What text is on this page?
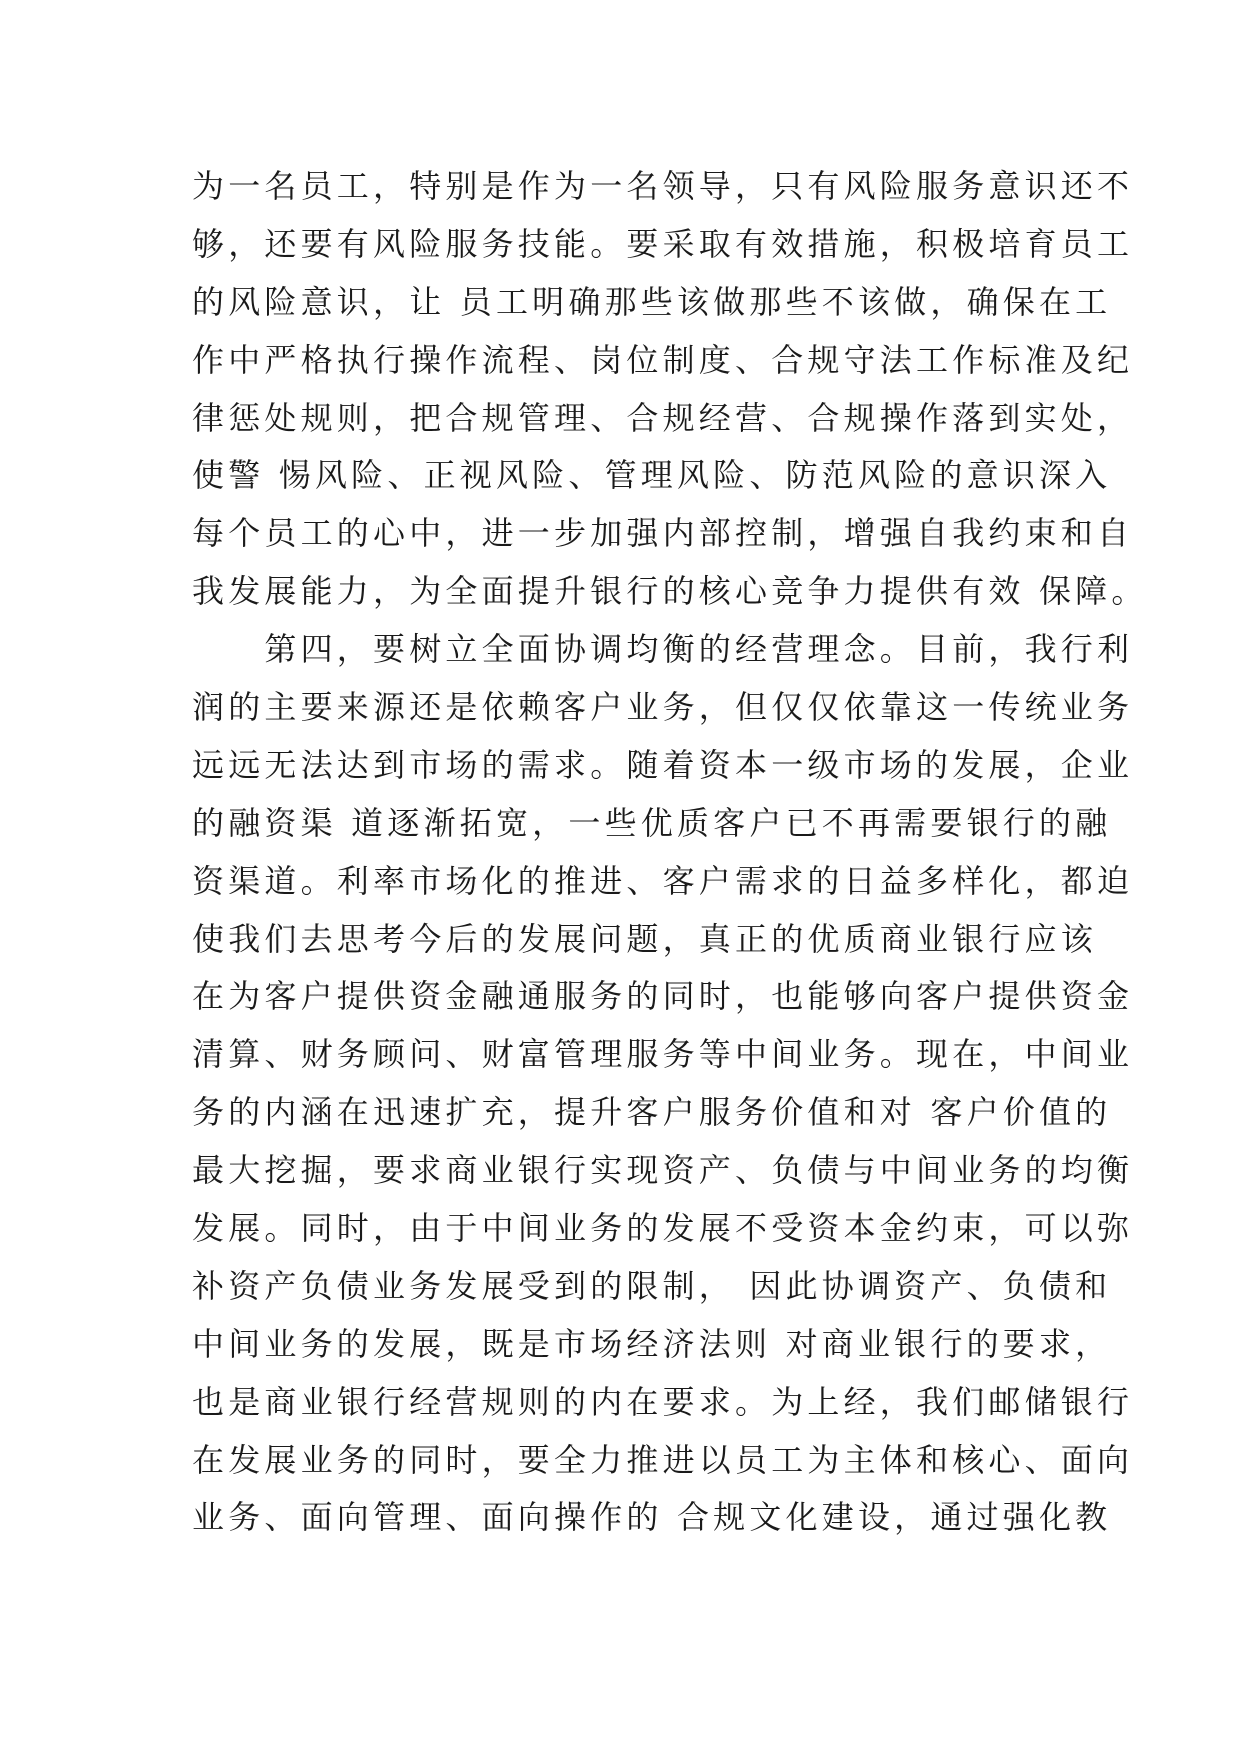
为一名员工，特别是作为一名领导，只有风险服务意识还不
够，还要有风险服务技能。要采取有效措施，积极培育员工
的风险意识，让 员工明确那些该做那些不该做，确保在工
作中严格执行操作流程、岗位制度、合规守法工作标准及纪
律惩处规则，把合规管理、合规经营、合规操作落到实处，
使警 惕风险、正视风险、管理风险、防范风险的意识深入
每个员工的心中，进一步加强内部控制，增强自我约束和自
我发展能力，为全面提升银行的核心竞争力提供有效 保障。
　　第四，要树立全面协调均衡的经营理念。目前，我行利
润的主要来源还是依赖客户业务，但仅仅依靠这一传统业务
远远无法达到市场的需求。随着资本一级市场的发展，企业
的融资渠 道逐渐拓宽，一些优质客户已不再需要银行的融
资渠道。利率市场化的推进、客户需求的日益多样化，都迫
使我们去思考今后的发展问题，真正的优质商业银行应该
在为客户提供资金融通服务的同时，也能够向客户提供资金
清算、财务顾问、财富管理服务等中间业务。现在，中间业
务的内涵在迅速扩充，提升客户服务价值和对 客户价值的
最大挖掘，要求商业银行实现资产、负债与中间业务的均衡
发展。同时，由于中间业务的发展不受资本金约束，可以弥
补资产负债业务发展受到的限制， 因此协调资产、负债和
中间业务的发展，既是市场经济法则 对商业银行的要求，
也是商业银行经营规则的内在要求。为上经，我们邮储银行
在发展业务的同时，要全力推进以员工为主体和核心、面向
业务、面向管理、面向操作的 合规文化建设，通过强化教
